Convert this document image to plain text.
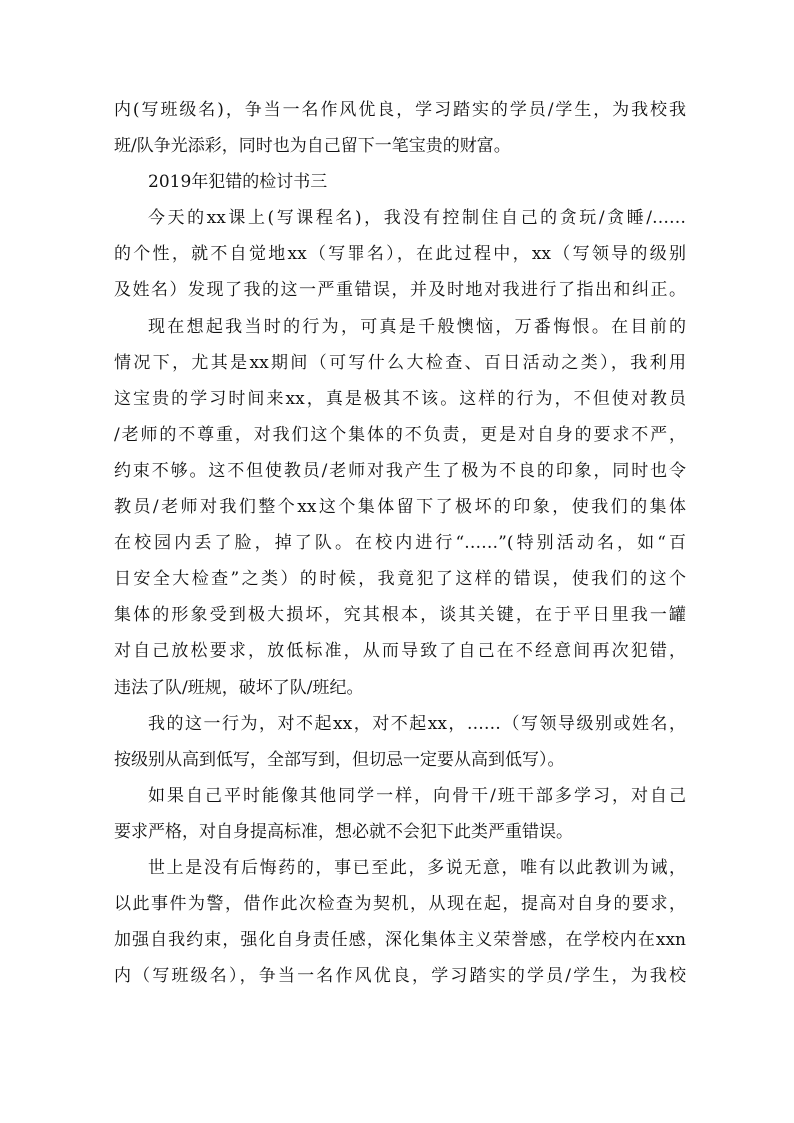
内(写班级名)，争当一名作风优良，学习踏实的学员/学生，为我校我
班/队争光添彩，同时也为自己留下一笔宝贵的财富。
2019年犯错的检讨书三
今天的xx课上(写课程名)，我没有控制住自己的贪玩/贪睡/……
的个性，就不自觉地xx（写罪名），在此过程中，xx（写领导的级别
及姓名）发现了我的这一严重错误，并及时地对我进行了指出和纠正。
现在想起我当时的行为，可真是千般懊恼，万番悔恨。在目前的
情况下，尤其是xx期间（可写什么大检查、百日活动之类），我利用
这宝贵的学习时间来xx，真是极其不该。这样的行为，不但使对教员
/老师的不尊重，对我们这个集体的不负责，更是对自身的要求不严，
约束不够。这不但使教员/老师对我产生了极为不良的印象，同时也令
教员/老师对我们整个xx这个集体留下了极坏的印象，使我们的集体
在校园内丢了脸，掉了队。在校内进行“……”(特别活动名，如“百
日安全大检查”之类）的时候，我竟犯了这样的错误，使我们的这个
集体的形象受到极大损坏，究其根本，谈其关键，在于平日里我一罐
对自己放松要求，放低标准，从而导致了自己在不经意间再次犯错，
违法了队/班规，破坏了队/班纪。
我的这一行为，对不起xx，对不起xx，……（写领导级别或姓名，
按级别从高到低写，全部写到，但切忌一定要从高到低写）。
如果自己平时能像其他同学一样，向骨干/班干部多学习，对自己
要求严格，对自身提高标准，想必就不会犯下此类严重错误。
世上是没有后悔药的，事已至此，多说无意，唯有以此教训为诫，
以此事件为警，借作此次检查为契机，从现在起，提高对自身的要求，
加强自我约束，强化自身责任感，深化集体主义荣誉感，在学校内在xxn
内（写班级名），争当一名作风优良，学习踏实的学员/学生，为我校
